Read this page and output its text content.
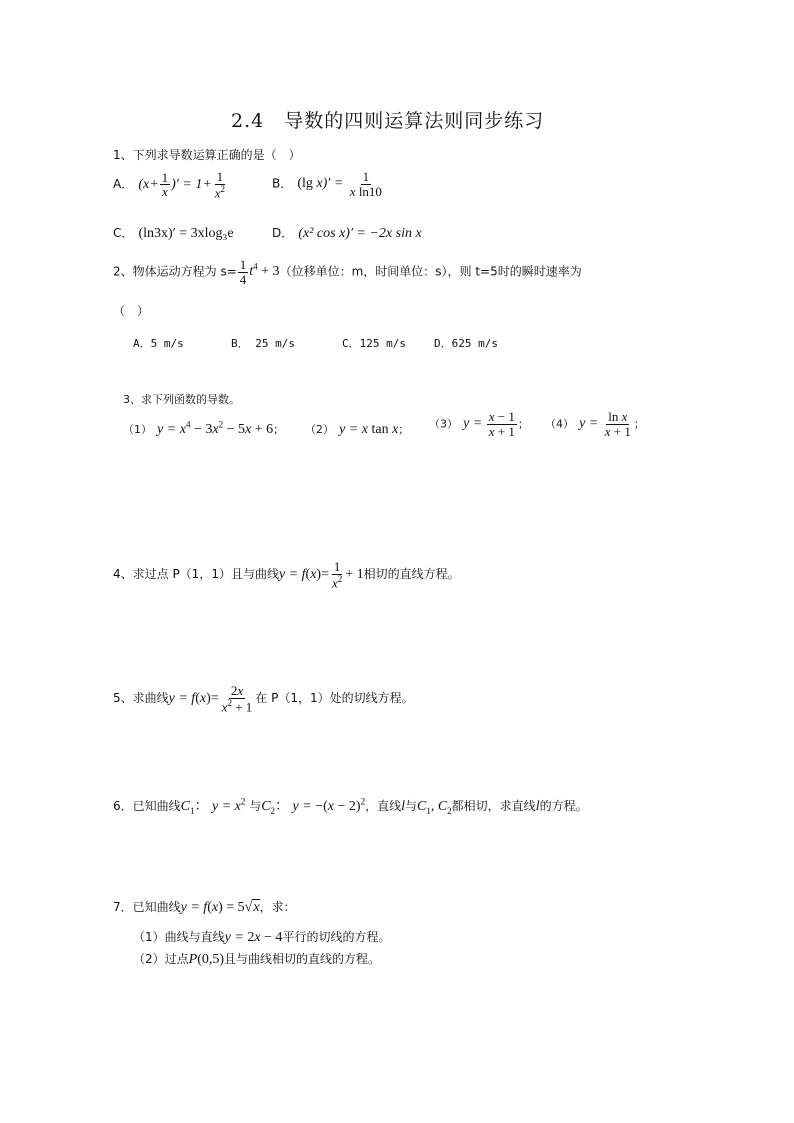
2.4　导数的四则运算法则同步练习
1、下列求导数运算正确的是（　）
A． ($x+ \frac{1}{x}$ )′ = $1+ \frac{1}{x^2}$	B． (lg $x)' = \frac{1}{\text{x ln10}}$
C． (ln3x)′ = 3xlog₃e	D． (x² cos x)′ = −2x sin x
2、物体运动方程为 $s= \frac{1}{4} t^4 + 3$（位移单位：m，时间单位：s），则 t=5时的瞬时速率为
（　）
A．5 m/s	B． 25 m/s	C．125 m/s	D．625 m/s
3、求下列函数的导数。
（1） $y = x^4 - 3x^2 - 5x + 6$； （2） y = x tan x； （3） $y = \frac{x - 1}{x + 1}$ ； （4） $y = \frac{\text{ln x}}{x + 1}$ ；
4、求过点 P（1，1）且与曲线$y = f(x)= \frac{1}{x^2} + 1$相切的直线方程。
5、求曲线$y = f(x)= \frac{2x}{x^2 + 1}$ 在 P（1，1）处的切线方程。
6．已知曲线$C_1$： $y = x^2$ 与$C_2$： $y = -(x - 2)^2$，直线l与$C_1$, $C_2$都相切，求直线l的方程。
7．已知曲线y = f(x) = 5√x，求：
（1）曲线与直线y = 2x − 4平行的切线的方程。
（2）过点P(0,5)且与曲线相切的直线的方程。
